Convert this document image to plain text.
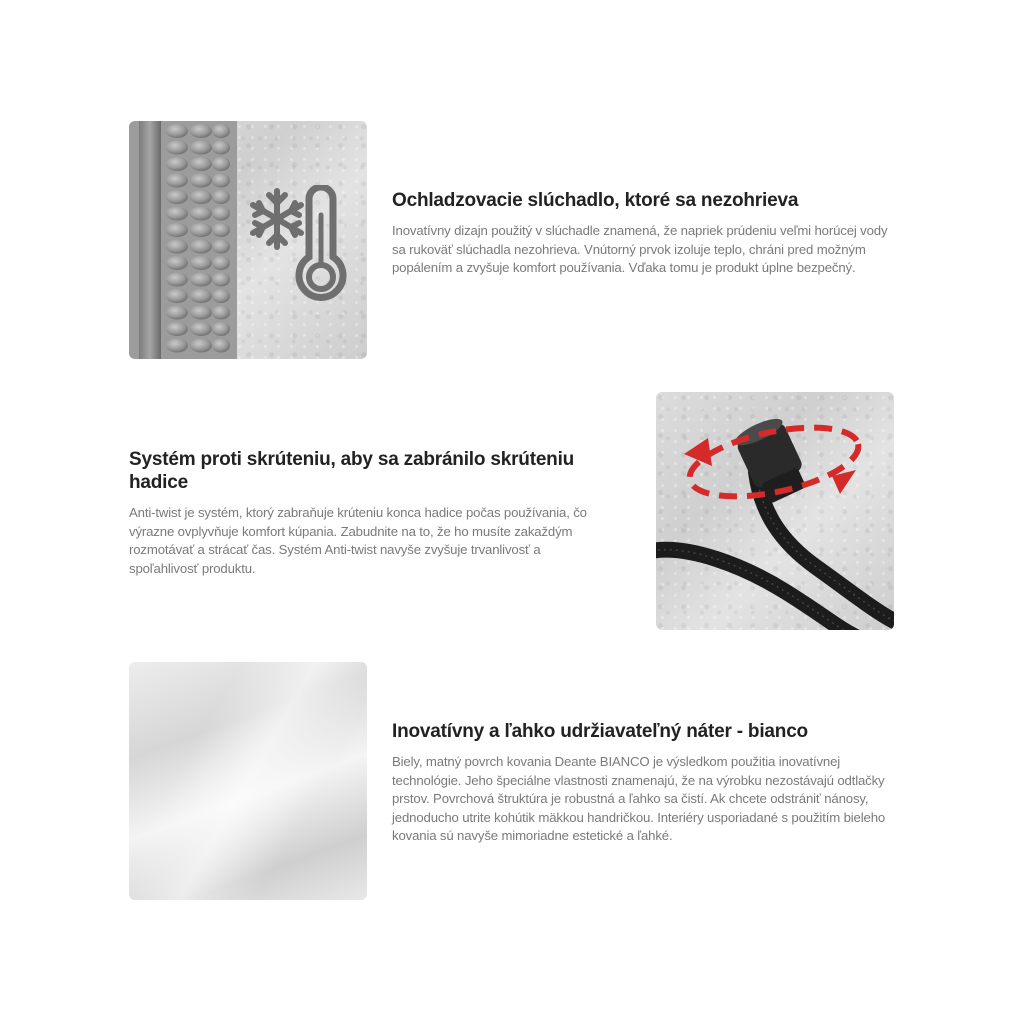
Ochladzovacie slúchadlo, ktoré sa nezohrieva

Inovatívny dizajn použitý v slúchadle znamená, že napriek prúdeniu veľmi horúcej vody sa rukoväť slúchadla nezohrieva. Vnútorný prvok izoluje teplo, chráni pred možným popálením a zvyšuje komfort používania. Vďaka tomu je produkt úplne bezpečný.

Systém proti skrúteniu, aby sa zabránilo skrúteniu hadice

Anti-twist je systém, ktorý zabraňuje krúteniu konca hadice počas používania, čo výrazne ovplyvňuje komfort kúpania. Zabudnite na to, že ho musíte zakaždým rozmotávať a strácať čas. Systém Anti-twist navyše zvyšuje trvanlivosť a spoľahlivosť produktu.

Inovatívny a ľahko udržiavateľný náter - bianco

Biely, matný povrch kovania Deante BIANCO je výsledkom použitia inovatívnej technológie. Jeho špeciálne vlastnosti znamenajú, že na výrobku nezostávajú odtlačky prstov. Povrchová štruktúra je robustná a ľahko sa čistí. Ak chcete odstrániť nánosy, jednoducho utrite kohútik mäkkou handričkou. Interiéry usporiadané s použitím bieleho kovania sú navyše mimoriadne estetické a ľahké.
